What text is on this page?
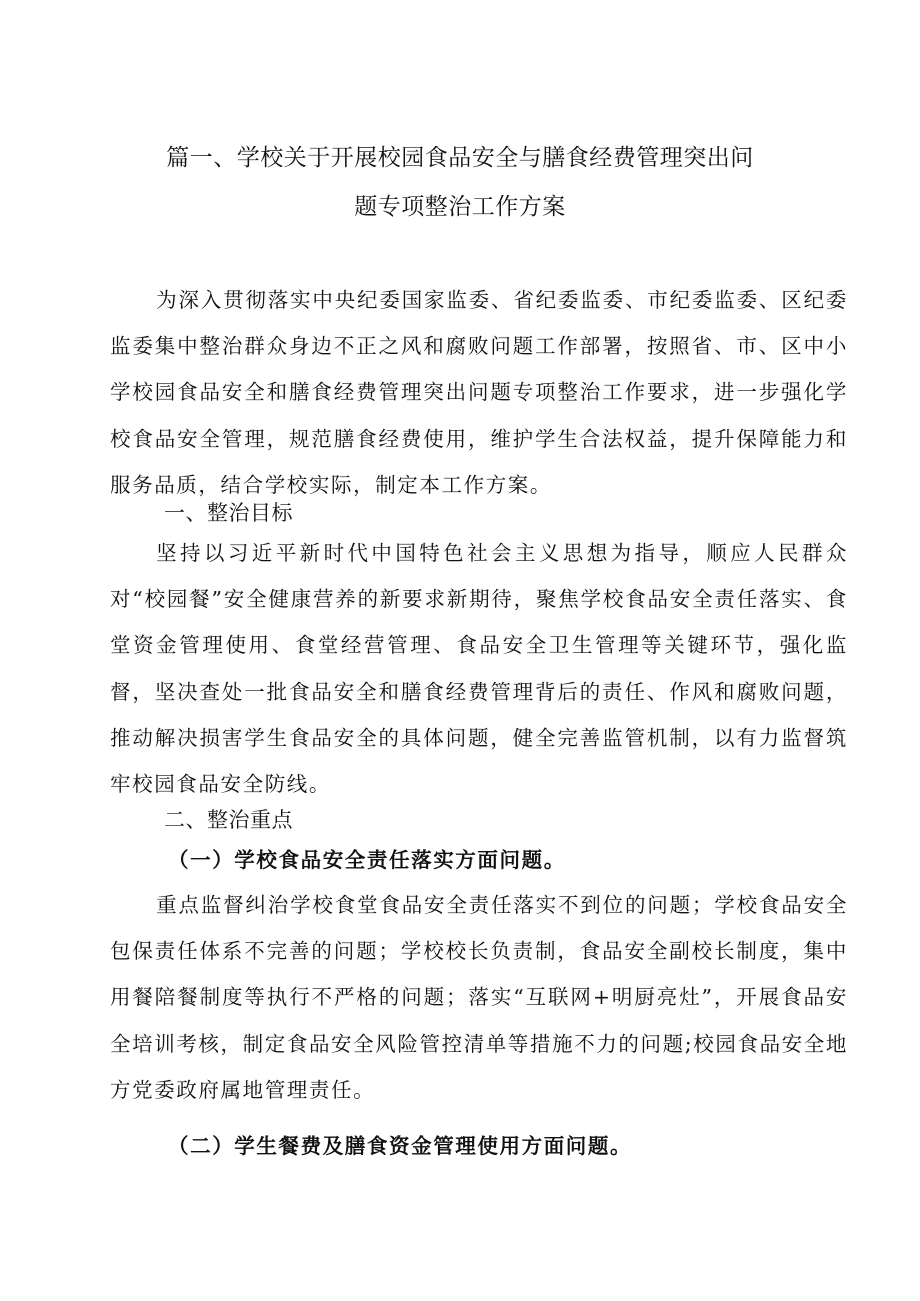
篇一、学校关于开展校园食品安全与膳食经费管理突出问
题专项整治工作方案

为深入贯彻落实中央纪委国家监委、省纪委监委、市纪委监委、区纪委监委集中整治群众身边不正之风和腐败问题工作部署，按照省、市、区中小学校园食品安全和膳食经费管理突出问题专项整治工作要求，进一步强化学校食品安全管理，规范膳食经费使用，维护学生合法权益，提升保障能力和服务品质，结合学校实际，制定本工作方案。

一、整治目标

坚持以习近平新时代中国特色社会主义思想为指导，顺应人民群众对“校园餐”安全健康营养的新要求新期待，聚焦学校食品安全责任落实、食堂资金管理使用、食堂经营管理、食品安全卫生管理等关键环节，强化监督，坚决查处一批食品安全和膳食经费管理背后的责任、作风和腐败问题，推动解决损害学生食品安全的具体问题，健全完善监管机制，以有力监督筑牢校园食品安全防线。

二、整治重点
（一）学校食品安全责任落实方面问题。

重点监督纠治学校食堂食品安全责任落实不到位的问题；学校食品安全包保责任体系不完善的问题；学校校长负责制，食品安全副校长制度，集中用餐陪餐制度等执行不严格的问题；落实“互联网+明厨亮灶”，开展食品安全培训考核，制定食品安全风险管控清单等措施不力的问题;校园食品安全地方党委政府属地管理责任。

（二）学生餐费及膳食资金管理使用方面问题。
